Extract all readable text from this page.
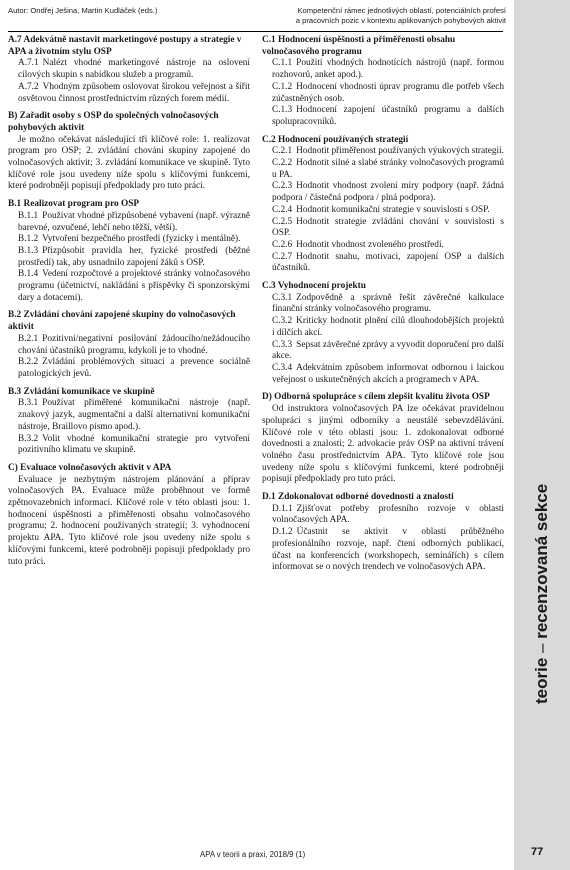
Autor: Ondřej Ješina, Martin Kudláček (eds.)	Kompetenční rámec jednotlivých oblastí, potenciálních profesí
a pracovních pozic v kontextu aplikovaných pohybových aktivit

A.7 Adekvátně nastavit marketingové postupy a strategie v APA a životním stylu OSP

A.7.1 Nalézt vhodné marketingové nástroje na oslovení cílových skupin s nabídkou služeb a programů.

A.7.2 Vhodným způsobem oslovovat širokou veřejnost a šířit osvětovou činnost prostřednictvím různých forem médií.

B) Zařadit osoby s OSP do společných volnočasových pohybových aktivit

Je možno očekávat následující tři klíčové role: 1. realizovat program pro OSP; 2. zvládání chování skupiny zapojené do volnočasových aktivit; 3. zvládání komunikace ve skupině. Tyto klíčové role jsou uvedeny níže spolu s klíčovými funkcemi, které podrobněji popisují předpoklady pro tuto práci.

B.1 Realizovat program pro OSP

B.1.1 Používat vhodné přizpůsobené vybavení (např. výrazně barevné, ozvučené, lehčí nebo těžší, větší).

B.1.2 Vytvoření bezpečného prostředí (fyzicky i mentálně).

B.1.3 Přizpůsobit pravidla her, fyzické prostředí (běžné prostředí) tak, aby usnadnilo zapojení žáků s OSP.

B.1.4 Vedení rozpočtové a projektové stránky volnočasového programu (účetnictví, nakládání s příspěvky či sponzorskými dary a dotacemi).

B.2 Zvládání chování zapojené skupiny do volnočasových aktivit

B.2.1 Pozitivní/negativní posilování žádoucího/nežádoucího chování účastníků programu, kdykoli je to vhodné.

B.2.2 Zvládání problémových situací a prevence sociálně patologických jevů.

B.3 Zvládání komunikace ve skupině

B.3.1 Používat přiměřené komunikační nástroje (např. znakový jazyk, augmentační a další alternativní komunikační nástroje, Braillovo písmo apod.).

B.3.2 Volit vhodné komunikační strategie pro vytvoření pozitivního klimatu ve skupině.

C) Evaluace volnočasových aktivit v APA

Evaluace je nezbytným nástrojem plánování a příprav volnočasových PA. Evaluace může proběhnout ve formě zpětnovazebních informací. Klíčové role v této oblasti jsou: 1. hodnocení úspěšnosti a přiměřenosti obsahu volnočasového programu; 2. hodnocení používaných strategií; 3. vyhodnocení projektu APA. Tyto klíčové role jsou uvedeny níže spolu s klíčovými funkcemi, které podrobněji popisují předpoklady pro tuto práci.

C.1 Hodnocení úspěšnosti a přiměřenosti obsahu volnočasového programu

C.1.1 Použití vhodných hodnotících nástrojů (např. formou rozhovorů, anket apod.).

C.1.2 Hodnocení vhodnosti úprav programu dle potřeb všech zúčastněných osob.

C.1.3 Hodnocení zapojení účastníků programu a dalších spolupracovníků.

C.2 Hodnocení používaných strategií

C.2.1 Hodnotit přiměřenost používaných výukových strategií.

C.2.2 Hodnotit silné a slabé stránky volnočasových programů u PA.

C.2.3 Hodnotit vhodnost zvolení míry podpory (např. žádná podpora / částečná podpora / plná podpora).

C.2.4 Hodnotit komunikační strategie v souvislosti s OSP.

C.2.5 Hodnotit strategie zvládání chování v souvislosti s OSP.

C.2.6 Hodnotit vhodnost zvoleného prostředí.

C.2.7 Hodnotit snahu, motivaci, zapojení OSP a dalších účastníků.

C.3 Vyhodnocení projektu

C.3.1 Zodpovědně a správně řešit závěrečné kalkulace finanční stránky volnočasového programu.

C.3.2 Kriticky hodnotit plnění cílů dlouhodobějších projektů i dílčích akcí.

C.3.3 Sepsat závěrečné zprávy a vyvodit doporučení pro další akce.

C.3.4 Adekvátním způsobem informovat odbornou i laickou veřejnost o uskutečněných akcích a programech v APA.

D) Odborná spolupráce s cílem zlepšit kvalitu života OSP

Od instruktora volnočasových PA lze očekávat pravidelnou spolupráci s jinými odborníky a neustálé sebevzdělávání. Klíčové role v této oblasti jsou: 1. zdokonalovat odborné dovednosti a znalosti; 2. advokacie práv OSP na aktivní trávení volného času prostřednictvím APA. Tyto klíčové role jsou uvedeny níže spolu s klíčovými funkcemi, které podrobněji popisují předpoklady pro tuto práci.

D.1 Zdokonalovat odborné dovednosti a znalosti

D.1.1 Zjišťovat potřeby profesního rozvoje v oblasti volnočasových APA.

D.1.2 Účastnit se aktivit v oblasti průběžného profesionálního rozvoje, např. čtení odborných publikací, účast na konferencích (workshopech, seminářích) s cílem informovat se o nových trendech ve volnočasových APA.

teorie – recenzovaná sekce
APA v teorii a praxi, 2018/9 (1)	77
